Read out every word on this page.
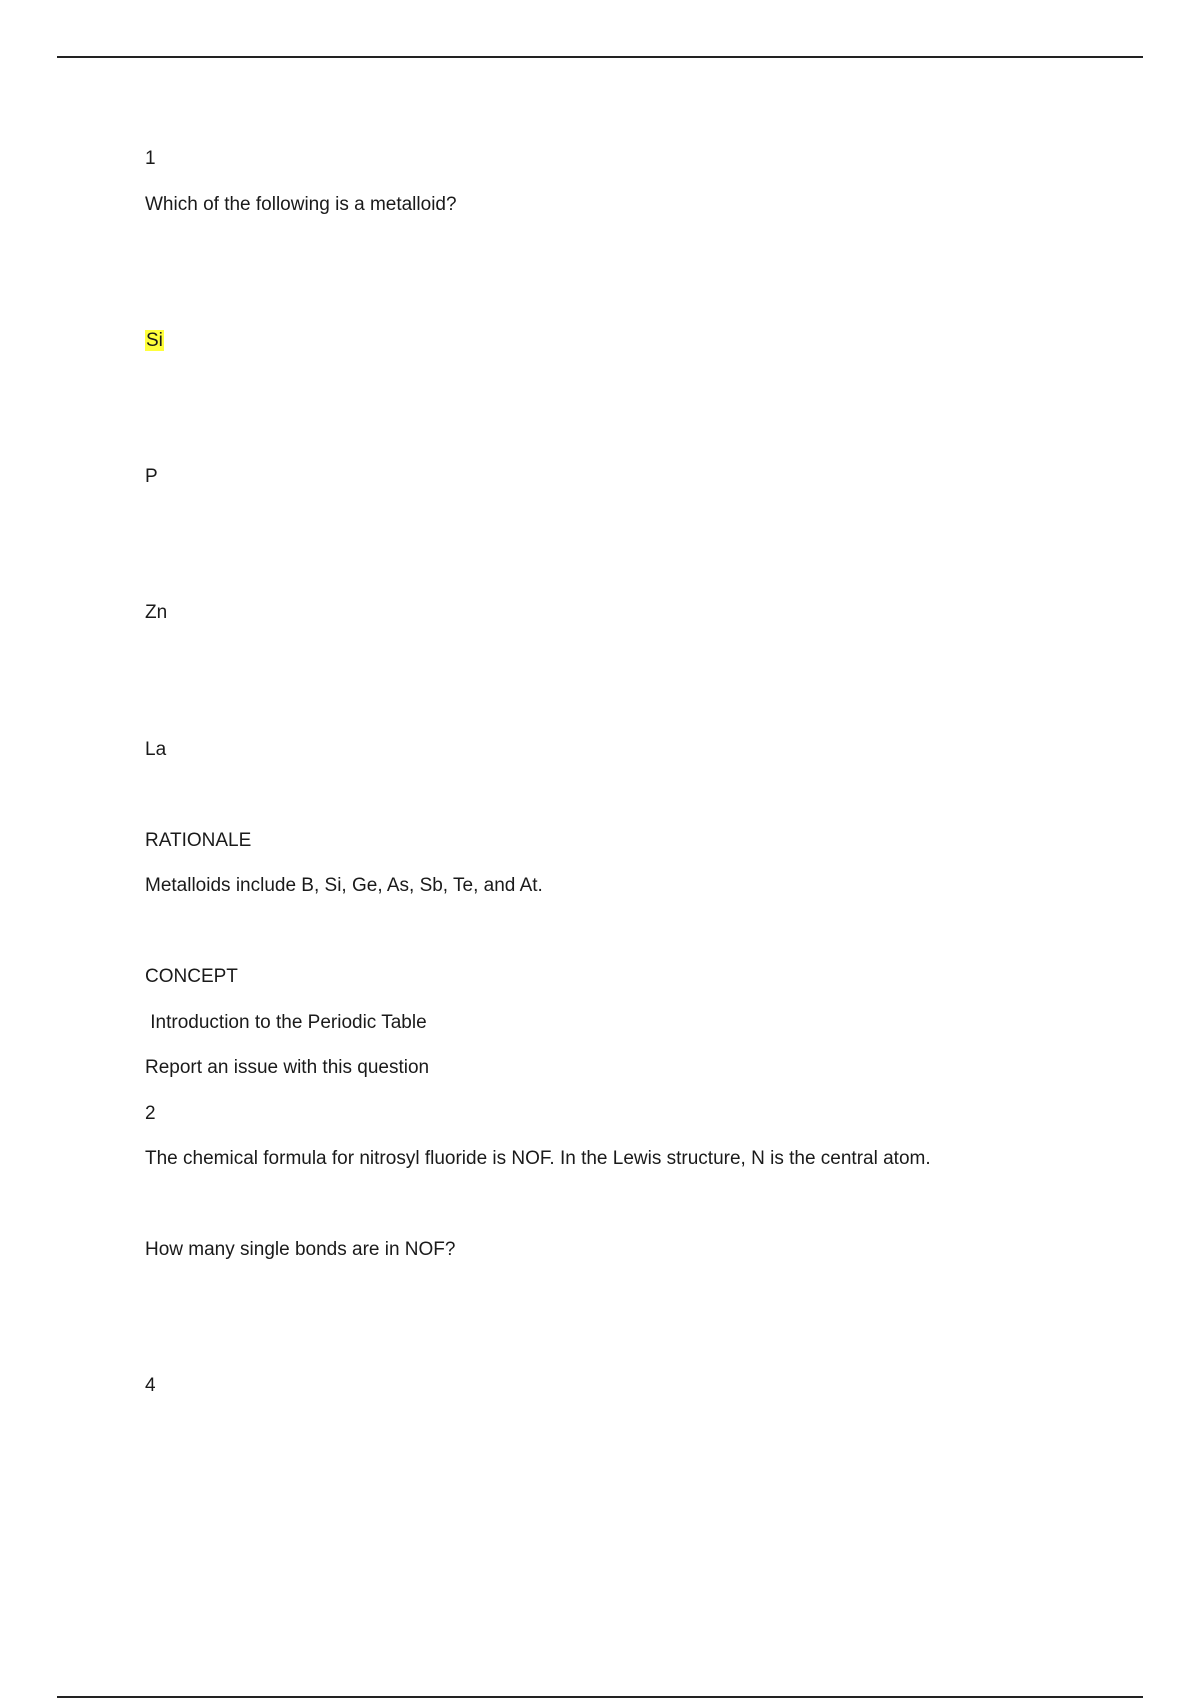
1
Which of the following is a metalloid?
Si
P
Zn
La
RATIONALE
Metalloids include B, Si, Ge, As, Sb, Te, and At.
CONCEPT
Introduction to the Periodic Table
Report an issue with this question
2
The chemical formula for nitrosyl fluoride is NOF. In the Lewis structure, N is the central atom.
How many single bonds are in NOF?
4
